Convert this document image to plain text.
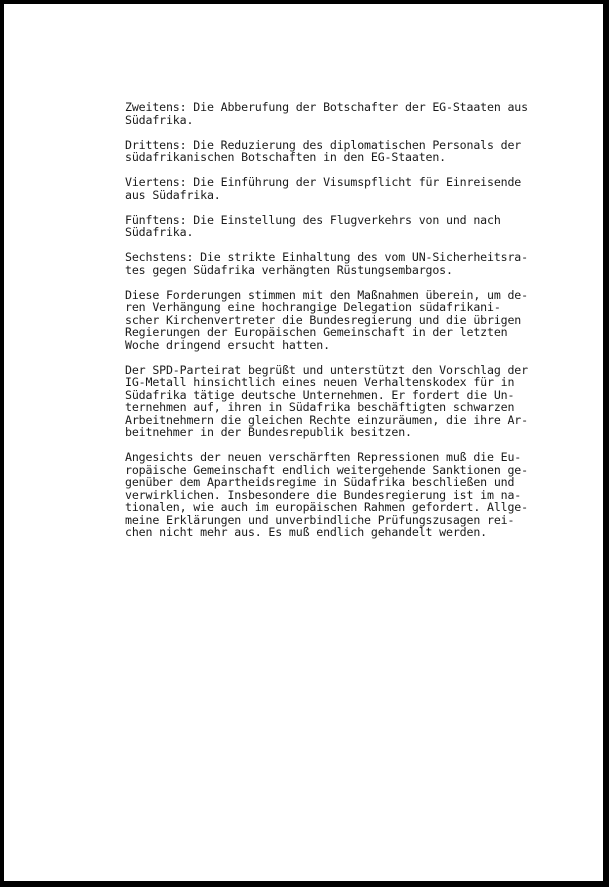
Zweitens: Die Abberufung der Botschafter der EG-Staaten aus
Südafrika.

Drittens: Die Reduzierung des diplomatischen Personals der
südafrikanischen Botschaften in den EG-Staaten.

Viertens: Die Einführung der Visumspflicht für Einreisende
aus Südafrika.

Fünftens: Die Einstellung des Flugverkehrs von und nach
Südafrika.

Sechstens: Die strikte Einhaltung des vom UN-Sicherheitsra-
tes gegen Südafrika verhängten Rüstungsembargos.

Diese Forderungen stimmen mit den Maßnahmen überein, um de-
ren Verhängung eine hochrangige Delegation südafrikani-
scher Kirchenvertreter die Bundesregierung und die übrigen
Regierungen der Europäischen Gemeinschaft in der letzten
Woche dringend ersucht hatten.

Der SPD-Parteirat begrüßt und unterstützt den Vorschlag der
IG-Metall hinsichtlich eines neuen Verhaltenskodex für in
Südafrika tätige deutsche Unternehmen. Er fordert die Un-
ternehmen auf, ihren in Südafrika beschäftigten schwarzen
Arbeitnehmern die gleichen Rechte einzuräumen, die ihre Ar-
beitnehmer in der Bundesrepublik besitzen.

Angesichts der neuen verschärften Repressionen muß die Eu-
ropäische Gemeinschaft endlich weitergehende Sanktionen ge-
genüber dem Apartheidsregime in Südafrika beschließen und
verwirklichen. Insbesondere die Bundesregierung ist im na-
tionalen, wie auch im europäischen Rahmen gefordert. Allge-
meine Erklärungen und unverbindliche Prüfungszusagen rei-
chen nicht mehr aus. Es muß endlich gehandelt werden.
